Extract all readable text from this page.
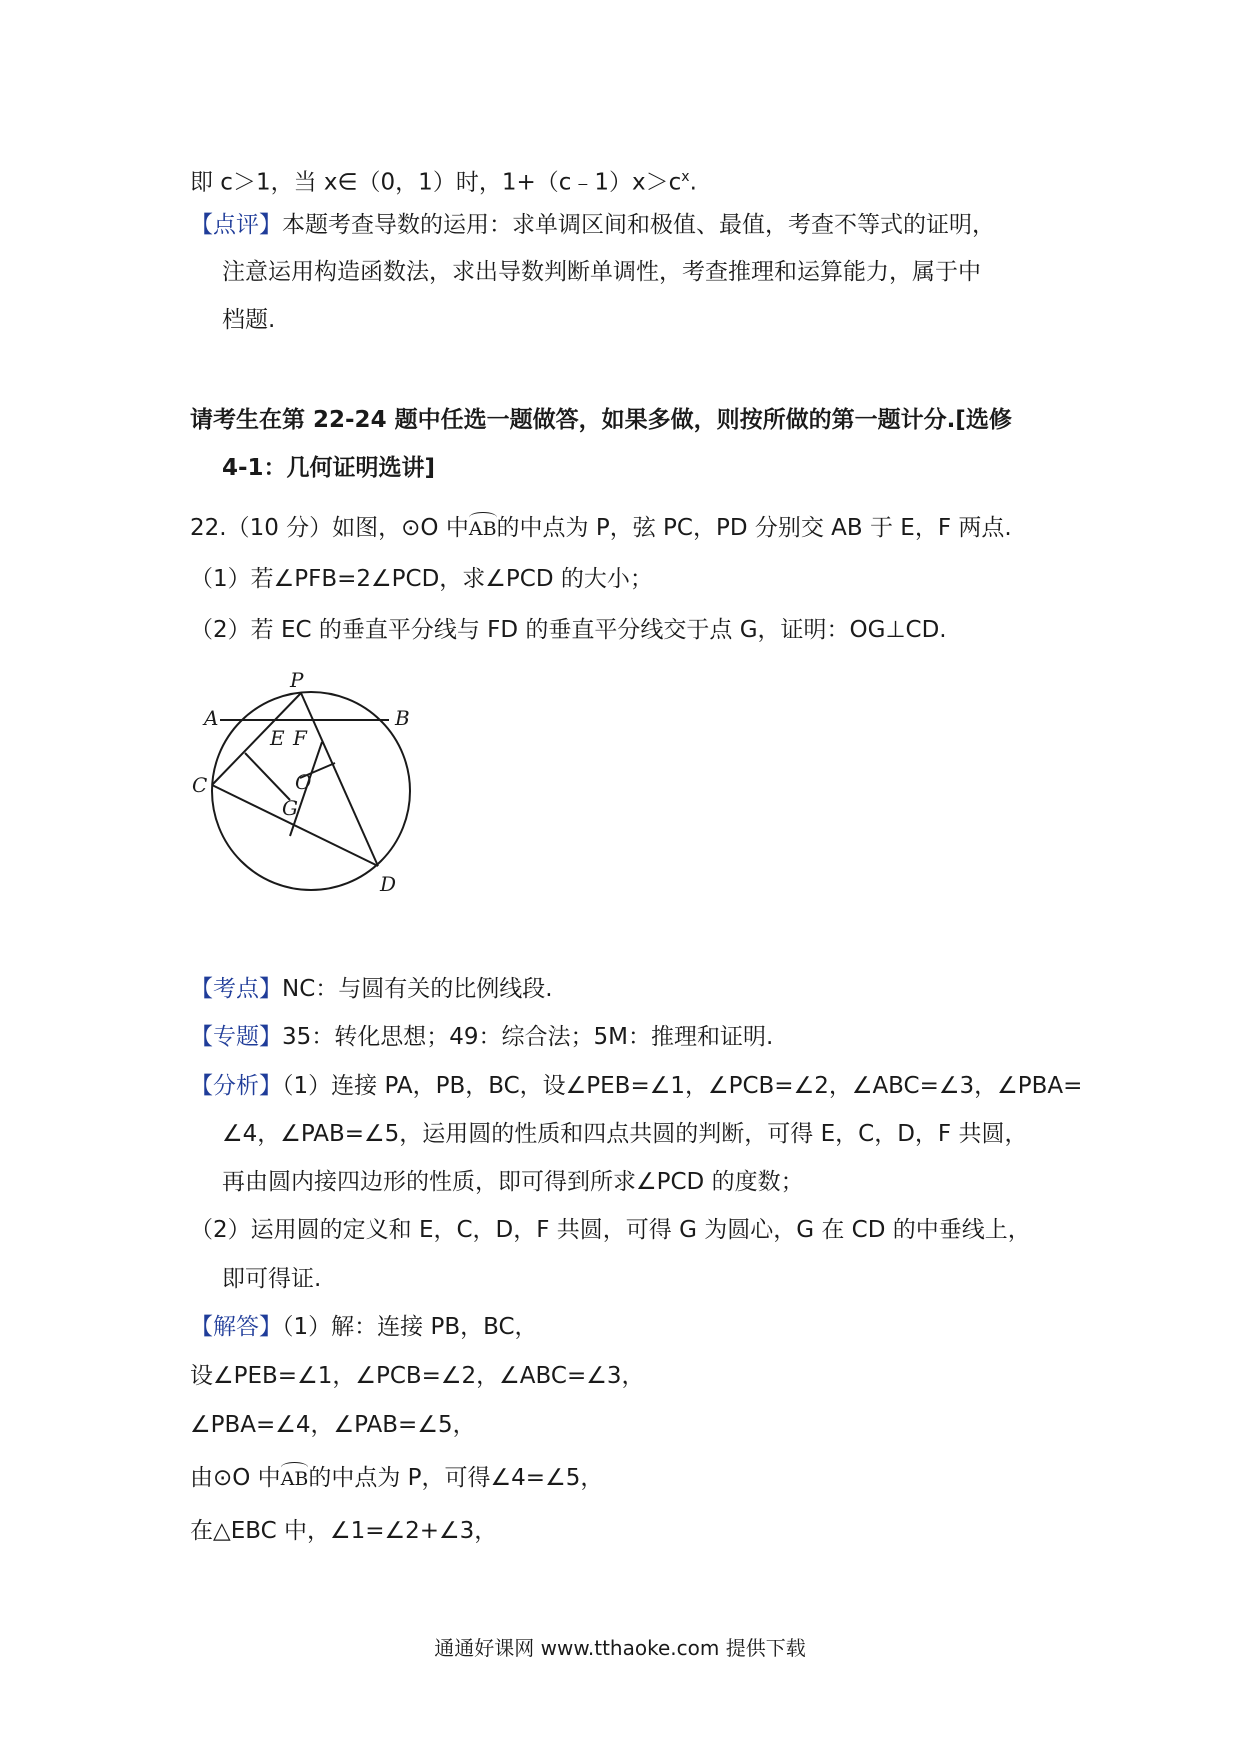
即 c＞1，当 x∈（0，1）时，$1+(c﹣1)x>c^x$.
【点评】本题考查导数的运用：求单调区间和极值、最值，考查不等式的证明，
注意运用构造函数法，求出导数判断单调性，考查推理和运算能力，属于中
档题.
请考生在第 22-24 题中任选一题做答，如果多做，则按所做的第一题计分.[选修
4-1：几何证明选讲]
22.（10 分）如图，⊙O 中AB的中点为 P，弦 PC，PD 分别交 AB 于 E，F 两点.
（1）若∠PFB=2∠PCD，求∠PCD 的大小；
（2）若 EC 的垂直平分线与 FD 的垂直平分线交于点 G，证明：OG⊥CD.
P
A	B
E F
C	O
G
D
【考点】NC：与圆有关的比例线段.
【专题】35：转化思想；49：综合法；5M：推理和证明.
【分析】（1）连接 PA，PB，BC，设∠PEB=∠1，∠PCB=∠2，∠ABC=∠3，∠PBA=
∠4，∠PAB=∠5，运用圆的性质和四点共圆的判断，可得 E，C，D，F 共圆，
再由圆内接四边形的性质，即可得到所求∠PCD 的度数；
（2）运用圆的定义和 E，C，D，F 共圆，可得 G 为圆心，G 在 CD 的中垂线上，
即可得证.
【解答】（1）解：连接 PB，BC，
设∠PEB=∠1，∠PCB=∠2，∠ABC=∠3，
∠PBA=∠4，∠PAB=∠5，
由⊙O 中AB的中点为 P，可得∠4=∠5，
在△EBC 中，∠1=∠2+∠3，
通通好课网 www.tthaoke.com 提供下载
